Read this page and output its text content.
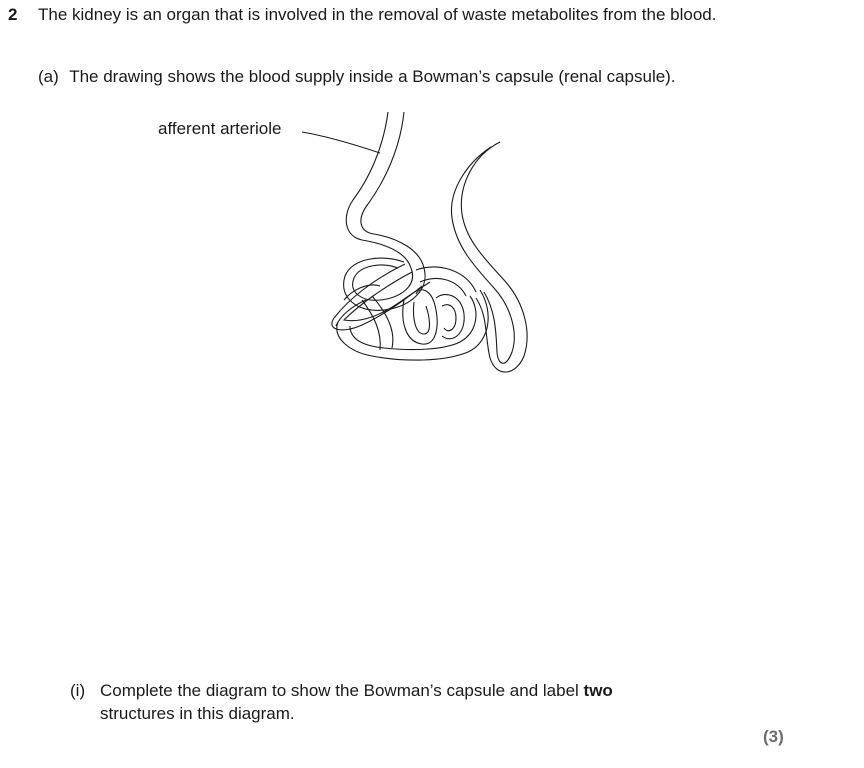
2 The kidney is an organ that is involved in the removal of waste metabolites from the blood.
(a) The drawing shows the blood supply inside a Bowman’s capsule (renal capsule).
afferent arteriole
(i) Complete the diagram to show the Bowman’s capsule and label two
structures in this diagram.
(3)
